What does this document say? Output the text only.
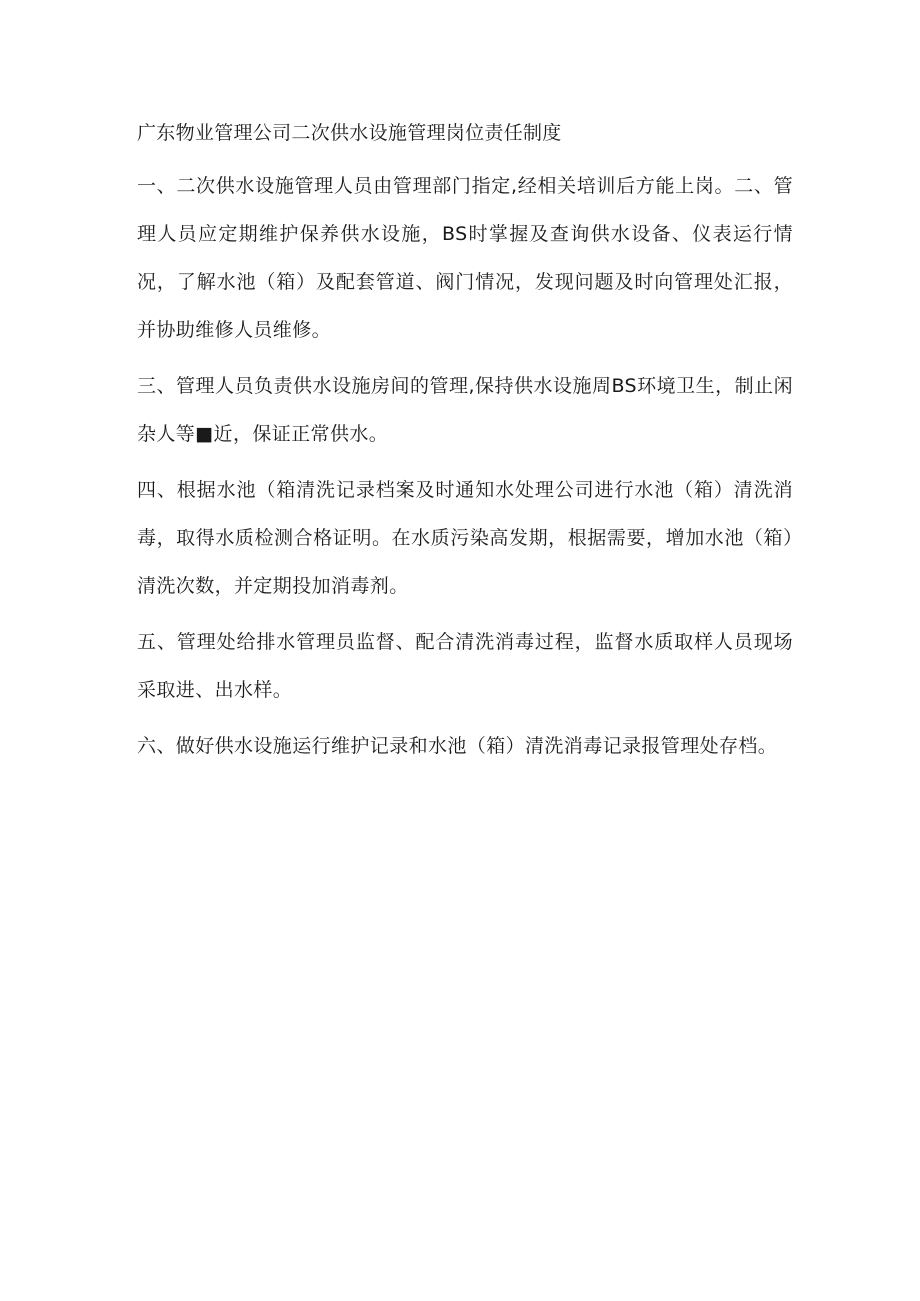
广东物业管理公司二次供水设施管理岗位责任制度

一、二次供水设施管理人员由管理部门指定,经相关培训后方能上岗。二、管理人员应定期维护保养供水设施，BS时掌握及查询供水设备、仪表运行情况，了解水池（箱）及配套管道、阀门情况，发现问题及时向管理处汇报，并协助维修人员维修。

三、管理人员负责供水设施房间的管理,保持供水设施周BS环境卫生，制止闲杂人等■近，保证正常供水。

四、根据水池（箱清洗记录档案及时通知水处理公司进行水池（箱）清洗消毒，取得水质检测合格证明。在水质污染高发期，根据需要，增加水池（箱）清洗次数，并定期投加消毒剂。

五、管理处给排水管理员监督、配合清洗消毒过程，监督水质取样人员现场采取进、出水样。

六、做好供水设施运行维护记录和水池（箱）清洗消毒记录报管理处存档。
